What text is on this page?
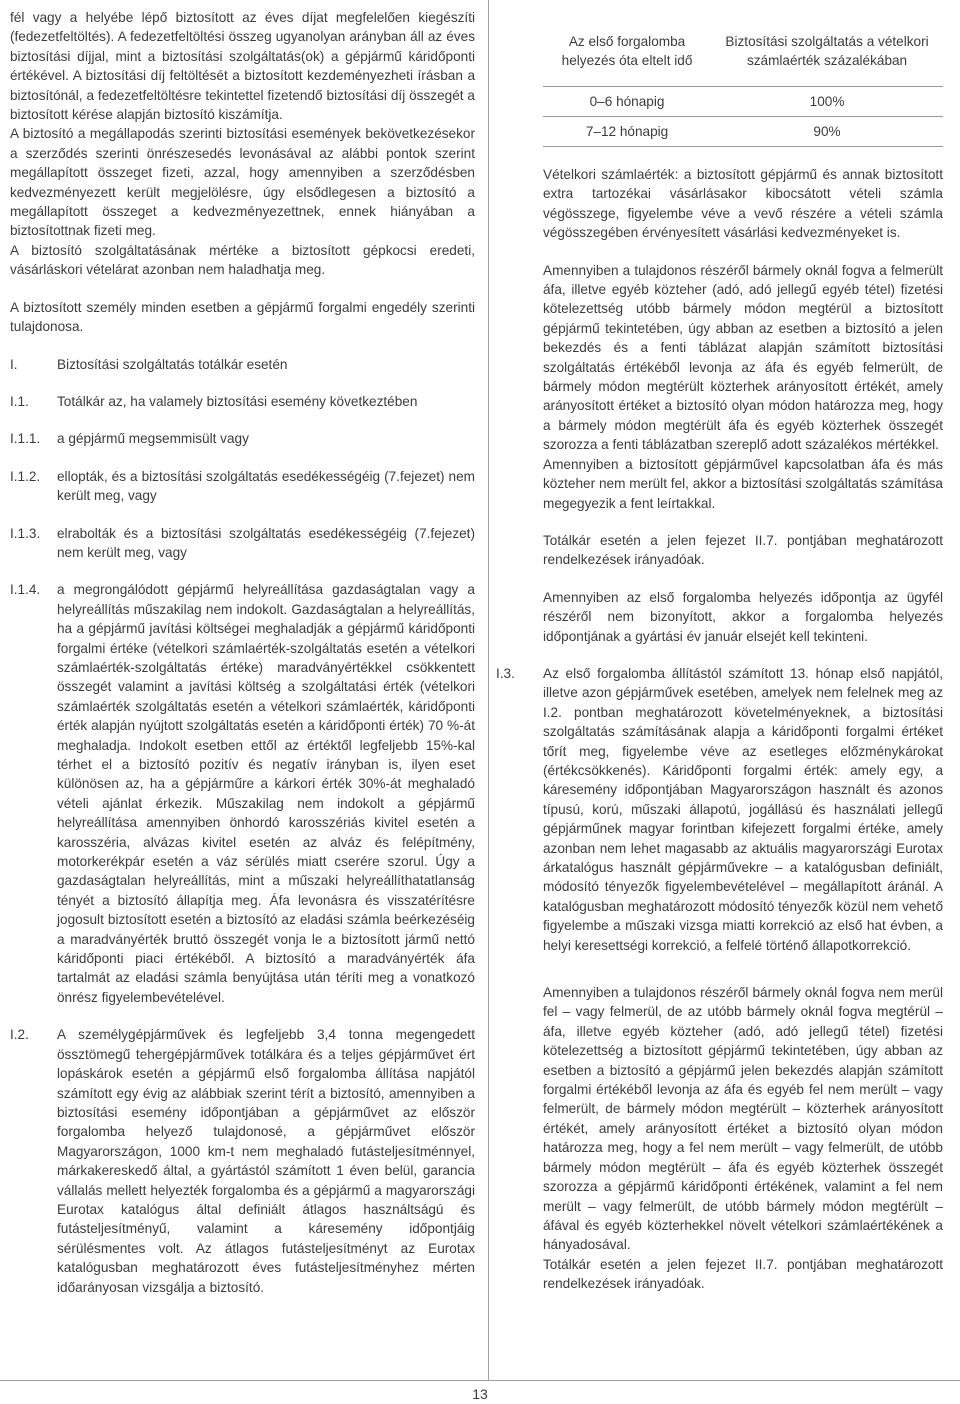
fél vagy a helyébe lépő biztosított az éves díjat megfelelően kiegészíti (fedezetfeltöltés). A fedezetfeltöltési összeg ugyanolyan arányban áll az éves biztosítási díjjal, mint a biztosítási szolgáltatás(ok) a gépjármű káridőponti értékével. A biztosítási díj feltöltését a biztosított kezdeményezheti írásban a biztosítónál, a fedezetfeltöltésre tekintettel fizetendő biztosítási díj összegét a biztosított kérése alapján biztosító kiszámítja.

A biztosító a megállapodás szerinti biztosítási események bekövetkezésekor a szerződés szerinti önrészesedés levonásával az alábbi pontok szerint megállapított összeget fizeti, azzal, hogy amennyiben a szerződésben kedvezményezett került megjelölésre, úgy elsődlegesen a biztosító a megállapított összeget a kedvezményezettnek, ennek hiányában a biztosítottnak fizeti meg.

A biztosító szolgáltatásának mértéke a biztosított gépkocsi eredeti, vásárláskori vételárat azonban nem haladhatja meg.

A biztosított személy minden esetben a gépjármű forgalmi engedély szerinti tulajdonosa.

I.	Biztosítási szolgáltatás totálkár esetén
I.1.	Totálkár az, ha valamely biztosítási esemény következtében
I.1.1.	a gépjármű megsemmisült vagy
I.1.2.	ellopták, és a biztosítási szolgáltatás esedékességéig (7.fejezet) nem került meg, vagy
I.1.3.	elrabolták és a biztosítási szolgáltatás esedékességéig (7.fejezet) nem került meg, vagy
I.1.4.	a megrongálódott gépjármű helyreállítása gazdaságtalan vagy a helyreállítás műszakilag nem indokolt. Gazdaságtalan a helyreállítás, ha a gépjármű javítási költségei meghaladják a gépjármű káridőponti forgalmi értéke (vételkori számlaérték-szolgáltatás esetén a vételkori számlaérték-szolgáltatás értéke) maradványértékkel csökkentett összegét valamint a javítási költség a szolgáltatási érték (vételkori számlaérték szolgáltatás esetén a vételkori számlaérték, káridőponti érték alapján nyújtott szolgáltatás esetén a káridőponti érték) 70 %-át meghaladja. Indokolt esetben ettől az értéktől legfeljebb 15%-kal térhet el a biztosító pozitív és negatív irányban is, ilyen eset különösen az, ha a gépjárműre a kárkori érték 30%-át meghaladó vételi ajánlat érkezik. Műszakilag nem indokolt a gépjármű helyreállítása amennyiben önhordó karosszériás kivitel esetén a karosszéria, alvázas kivitel esetén az alváz és felépítmény, motorkerékpár esetén a váz sérülés miatt cserére szorul. Úgy a gazdaságtalan helyreállítás, mint a műszaki helyreállíthatatlanság tényét a biztosító állapítja meg. Áfa levonásra és visszatérítésre jogosult biztosított esetén a biztosító az eladási számla beérkezéséig a maradványérték bruttó összegét vonja le a biztosított jármű nettó káridőponti piaci értékéből. A biztosító a maradványérték áfa tartalmát az eladási számla benyújtása után téríti meg a vonatkozó önrész figyelembevételével.
I.2.	A személygépjárművek és legfeljebb 3,4 tonna megengedett össztömegű tehergépjárművek totálkára és a teljes gépjárművet ért lopáskárok esetén a gépjármű első forgalomba állítása napjától számított egy évig az alábbiak szerint térít a biztosító, amennyiben a biztosítási esemény időpontjában a gépjárművet az először forgalomba helyező tulajdonosé, a gépjárművet először Magyarországon, 1000 km-t nem meghaladó futásteljesítménnyel, márkakereskedő által, a gyártástól számított 1 éven belül, garancia vállalás mellett helyezték forgalomba és a gépjármű a magyarországi Eurotax katalógus által definiált átlagos használtságú és futásteljesítményű, valamint a káresemény időpontjáig sérülésmentes volt. Az átlagos futásteljesítményt az Eurotax katalógusban meghatározott éves futásteljesítményhez mérten időarányosan vizsgálja a biztosító.
Az első forgalomba helyezés óta eltelt idő	Biztosítási szolgáltatás a vételkori számlaérték százalékában
0–6 hónapig	100%
7–12 hónapig	90%

Vételkori számlaérték: a biztosított gépjármű és annak biztosított extra tartozékai vásárlásakor kibocsátott vételi számla végösszege, figyelembe véve a vevő részére a vételi számla végösszegében érvényesített vásárlási kedvezményeket is.

Amennyiben a tulajdonos részéről bármely oknál fogva a felmerült áfa, illetve egyéb közteher (adó, adó jellegű egyéb tétel) fizetési kötelezettség utóbb bármely módon megtérül a biztosított gépjármű tekintetében, úgy abban az esetben a biztosító a jelen bekezdés és a fenti táblázat alapján számított biztosítási szolgáltatás értékéből levonja az áfa és egyéb felmerült, de bármely módon megtérült közterhek arányosított értékét, amely arányosított értéket a biztosító olyan módon határozza meg, hogy a bármely módon megtérült áfa és egyéb közterhek összegét szorozza a fenti táblázatban szereplő adott százalékos mértékkel.

Amennyiben a biztosított gépjárművel kapcsolatban áfa és más közteher nem merült fel, akkor a biztosítási szolgáltatás számítása megegyezik a fent leírtakkal.

Totálkár esetén a jelen fejezet II.7. pontjában meghatározott rendelkezések irányadóak.

Amennyiben az első forgalomba helyezés időpontja az ügyfél részéről nem bizonyított, akkor a forgalomba helyezés időpontjának a gyártási év január elsejét kell tekinteni.

I.3. Az első forgalomba állítástól számított 13. hónap első napjától, illetve azon gépjárművek esetében, amelyek nem felelnek meg az I.2. pontban meghatározott követelményeknek, a biztosítási szolgáltatás számításának alapja a káridőponti forgalmi értéket tőrít meg, figyelembe véve az esetleges előzménykárokat (értékcsökkenés). Káridőponti forgalmi érték: amely egy, a káresemény időpontjában Magyarországon használt és azonos típusú, korú, műszaki állapotú, jogállású és használati jellegű gépjárműnek magyar forintban kifejezett forgalmi értéke, amely azonban nem lehet magasabb az aktuális magyarországi Eurotax árkatalógus használt gépjárművekre – a katalógusban definiált, módosító tényezők figyelembevételével – megállapított áránál. A katalógusban meghatározott módosító tényezők közül nem vehető figyelembe a műszaki vizsga miatti korrekció az első hat évben, a helyi keresettségi korrekció, a felfelé történő állapotkorrekció.

Amennyiben a tulajdonos részéről bármely oknál fogva nem merül fel – vagy felmerül, de az utóbb bármely oknál fogva megtérül – áfa, illetve egyéb közteher (adó, adó jellegű tétel) fizetési kötelezettség a biztosított gépjármű tekintetében, úgy abban az esetben a biztosító a gépjármű jelen bekezdés alapján számított forgalmi értékéből levonja az áfa és egyéb fel nem merült – vagy felmerült, de bármely módon megtérült – közterhek arányosított értékét, amely arányosított értéket a biztosító olyan módon határozza meg, hogy a fel nem merült – vagy felmerült, de utóbb bármely módon megtérült – áfa és egyéb közterhek összegét szorozza a gépjármű káridőponti értékének, valamint a fel nem merült – vagy felmerült, de utóbb bármely módon megtérült – áfával és egyéb közterhekkel növelt vételkori számlaértékének a hányadosával.

Totálkár esetén a jelen fejezet II.7. pontjában meghatározott rendelkezések irányadóak.

13
